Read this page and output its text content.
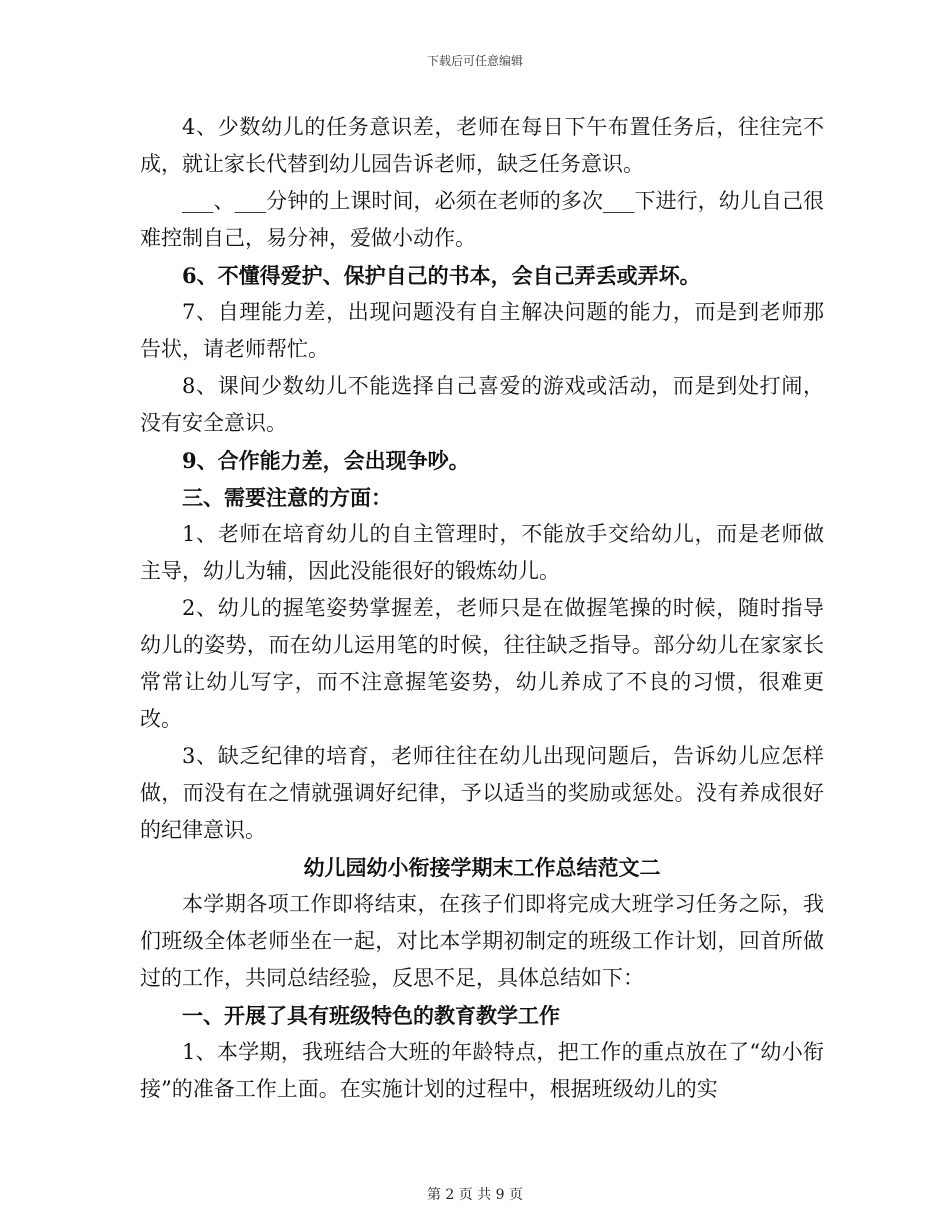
下载后可任意编辑

4、少数幼儿的任务意识差，老师在每日下午布置任务后，往往完不成，就让家长代替到幼儿园告诉老师，缺乏任务意识。

___、___分钟的上课时间，必须在老师的多次___下进行，幼儿自己很难控制自己，易分神，爱做小动作。

6、不懂得爱护、保护自己的书本，会自己弄丢或弄坏。

7、自理能力差，出现问题没有自主解决问题的能力，而是到老师那告状，请老师帮忙。

8、课间少数幼儿不能选择自己喜爱的游戏或活动，而是到处打闹，没有安全意识。

9、合作能力差，会出现争吵。

三、需要注意的方面：

1、老师在培育幼儿的自主管理时，不能放手交给幼儿，而是老师做主导，幼儿为辅，因此没能很好的锻炼幼儿。

2、幼儿的握笔姿势掌握差，老师只是在做握笔操的时候，随时指导幼儿的姿势，而在幼儿运用笔的时候，往往缺乏指导。部分幼儿在家家长常常让幼儿写字，而不注意握笔姿势，幼儿养成了不良的习惯，很难更改。

3、缺乏纪律的培育，老师往往在幼儿出现问题后，告诉幼儿应怎样做，而没有在之情就强调好纪律，予以适当的奖励或惩处。没有养成很好的纪律意识。

幼儿园幼小衔接学期末工作总结范文二

本学期各项工作即将结束，在孩子们即将完成大班学习任务之际，我们班级全体老师坐在一起，对比本学期初制定的班级工作计划，回首所做过的工作，共同总结经验，反思不足，具体总结如下：

一、开展了具有班级特色的教育教学工作

1、本学期，我班结合大班的年龄特点，把工作的重点放在了“幼小衔接”的准备工作上面。在实施计划的过程中，根据班级幼儿的实

第 2 页 共 9 页
